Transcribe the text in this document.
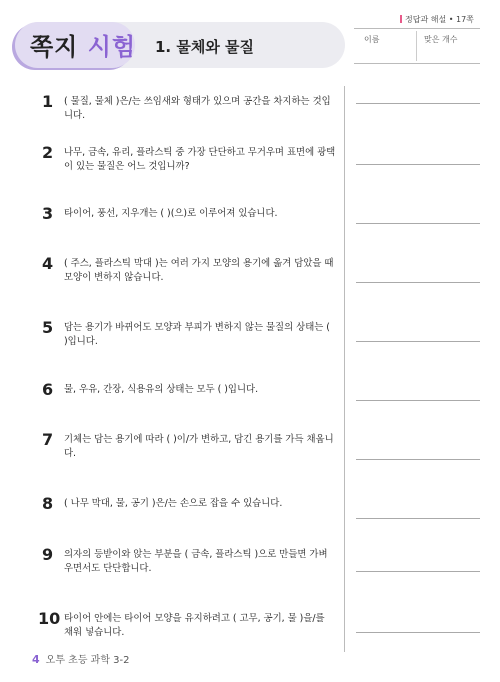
쪽지 시험 1. 물체와 물질
정답과 해설 • 17쪽
이름	맞은 개수
1 ( 물질, 물체 )은/는 쓰임새와 형태가 있으며 공간을 차지하는 것입니다.
2 나무, 금속, 유리, 플라스틱 중 가장 단단하고 무거우며 표면에 광택이 있는 물질은 어느 것입니까?
3 타이어, 풍선, 지우개는 ( )(으)로 이루어져 있습니다.
4 ( 주스, 플라스틱 막대 )는 여러 가지 모양의 용기에 옮겨 담았을 때 모양이 변하지 않습니다.
5 담는 용기가 바뀌어도 모양과 부피가 변하지 않는 물질의 상태는 ( )입니다.
6 물, 우유, 간장, 식용유의 상태는 모두 ( )입니다.
7 기체는 담는 용기에 따라 ( )이/가 변하고, 담긴 용기를 가득 채웁니다.
8 ( 나무 막대, 물, 공기 )은/는 손으로 잡을 수 있습니다.
9 의자의 등받이와 앉는 부분을 ( 금속, 플라스틱 )으로 만들면 가벼우면서도 단단합니다.
10 타이어 안에는 타이어 모양을 유지하려고 ( 고무, 공기, 물 )을/를 채워 넣습니다.
4 오투 초등 과학 3-2
